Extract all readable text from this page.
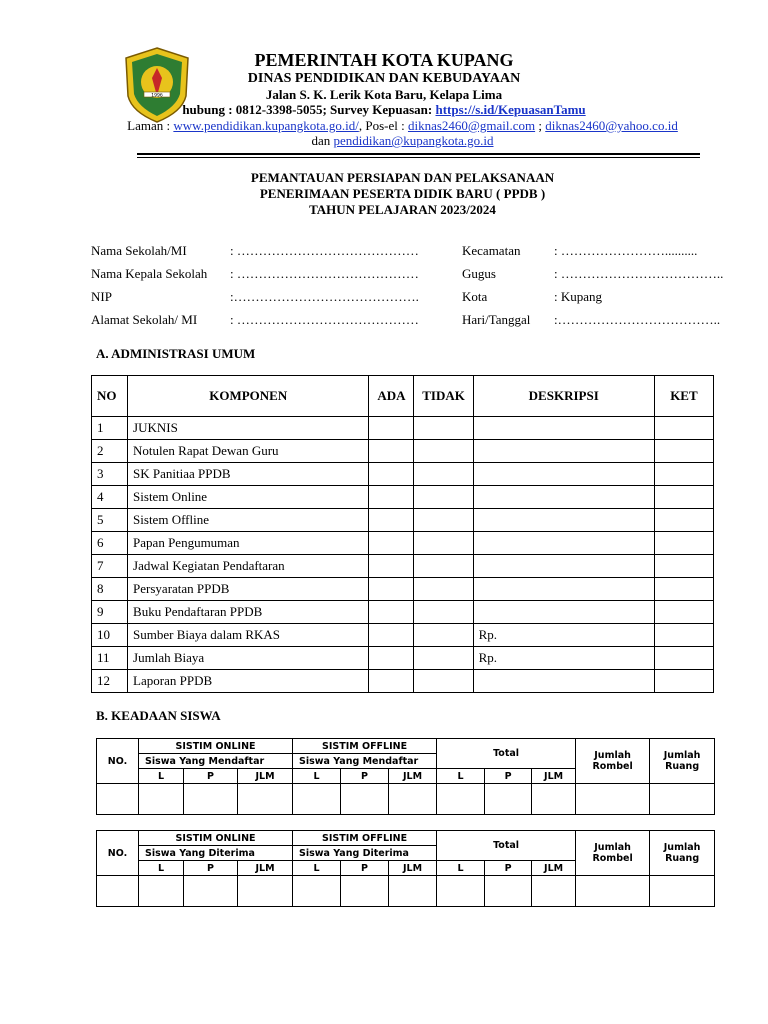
1996
PEMERINTAH KOTA KUPANG
DINAS PENDIDIKAN DAN KEBUDAYAAN
Jalan S. K. Lerik Kota Baru, Kelapa Lima
hubung : 0812-3398-5055; Survey Kepuasan: https://s.id/KepuasanTamu
Laman : www.pendidikan.kupangkota.go.id/, Pos-el : diknas2460@gmail.com ; diknas2460@yahoo.co.id
dan pendidikan@kupangkota.go.id
PEMANTAUAN PERSIAPAN DAN PELAKSANAAN
PENERIMAAN PESERTA DIDIK BARU ( PPDB )
TAHUN PELAJARAN 2023/2024
Nama Sekolah/MI	: ……………………………………
Nama Kepala Sekolah : ……………………………………
NIP	:…………………………………….
Alamat Sekolah/ MI	: ……………………………………
Kecamatan	: ……………………..........
Gugus	: ………………………………..
Kota	: Kupang
Hari/Tanggal :………………………………..
A. ADMINISTRASI UMUM
NO	KOMPONEN	ADA	TIDAK	DESKRIPSI	KET
1	JUKNIS				
2	Notulen Rapat Dewan Guru				
3	SK Panitiaa PPDB				
4	Sistem Online				
5	Sistem Offline				
6	Papan Pengumuman				
7	Jadwal Kegiatan Pendaftaran				
8	Persyaratan PPDB				
9	Buku Pendaftaran PPDB				
10	Sumber Biaya dalam RKAS			Rp.	
11	Jumlah Biaya			Rp.	
12	Laporan PPDB				
B. KEADAAN SISWA
NO.	SISTIM ONLINE			SISTIM OFFLINE			Total			Jumlah Rombel	Jumlah Ruang
	Siswa Yang Mendaftar			Siswa Yang Mendaftar							
	L	P	JLM	L	P	JLM	L	P	JLM		

NO.	SISTIM ONLINE			SISTIM OFFLINE			Total			Jumlah Rombel	Jumlah Ruang
	Siswa Yang Diterima			Siswa Yang Diterima							
	L	P	JLM	L	P	JLM	L	P	JLM		
